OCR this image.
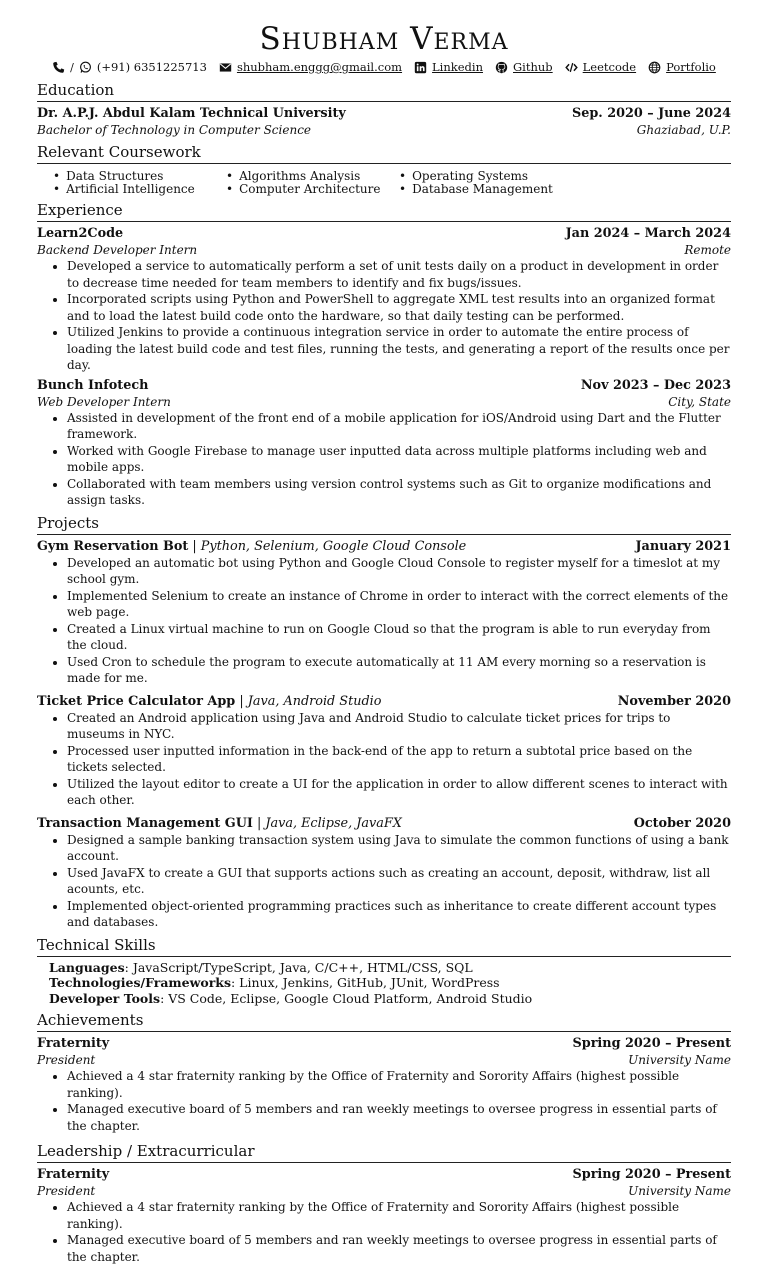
Shubham Verma
/ (+91) 6351225713	shubham.enggg@gmail.com	Linkedin	Github	Leetcode	Portfolio
Education
Dr. A.P.J. Abdul Kalam Technical University	Sep. 2020 – June 2024
Bachelor of Technology in Computer Science	Ghaziabad, U.P.
Relevant Coursework
• Data Structures	• Algorithms Analysis	• Operating Systems
• Artificial Intelligence	• Computer Architecture • Database Management
Experience
Learn2Code	Jan 2024 – March 2024
Backend Developer Intern	Remote
• Developed a service to automatically perform a set of unit tests daily on a product in development in order to decrease time needed for team members to identify and fix bugs/issues.
• Incorporated scripts using Python and PowerShell to aggregate XML test results into an organized format and to load the latest build code onto the hardware, so that daily testing can be performed.
• Utilized Jenkins to provide a continuous integration service in order to automate the entire process of loading the latest build code and test files, running the tests, and generating a report of the results once per day.
Bunch Infotech	Nov 2023 – Dec 2023
Web Developer Intern	City, State
• Assisted in development of the front end of a mobile application for iOS/Android using Dart and the Flutter framework.
• Worked with Google Firebase to manage user inputted data across multiple platforms including web and mobile apps.
• Collaborated with team members using version control systems such as Git to organize modifications and assign tasks.
Projects
Gym Reservation Bot | Python, Selenium, Google Cloud Console	January 2021
• Developed an automatic bot using Python and Google Cloud Console to register myself for a timeslot at my school gym.
• Implemented Selenium to create an instance of Chrome in order to interact with the correct elements of the web page.
• Created a Linux virtual machine to run on Google Cloud so that the program is able to run everyday from the cloud.
• Used Cron to schedule the program to execute automatically at 11 AM every morning so a reservation is made for me.
Ticket Price Calculator App | Java, Android Studio	November 2020
• Created an Android application using Java and Android Studio to calculate ticket prices for trips to museums in NYC.
• Processed user inputted information in the back-end of the app to return a subtotal price based on the tickets selected.
• Utilized the layout editor to create a UI for the application in order to allow different scenes to interact with each other.
Transaction Management GUI | Java, Eclipse, JavaFX	October 2020
• Designed a sample banking transaction system using Java to simulate the common functions of using a bank account.
• Used JavaFX to create a GUI that supports actions such as creating an account, deposit, withdraw, list all acounts, etc.
• Implemented object-oriented programming practices such as inheritance to create different account types and databases.
Technical Skills
Languages: JavaScript/TypeScript, Java, C/C++, HTML/CSS, SQL
Technologies/Frameworks: Linux, Jenkins, GitHub, JUnit, WordPress
Developer Tools: VS Code, Eclipse, Google Cloud Platform, Android Studio
Achievements
Fraternity	Spring 2020 – Present
President	University Name
• Achieved a 4 star fraternity ranking by the Office of Fraternity and Sorority Affairs (highest possible ranking).
• Managed executive board of 5 members and ran weekly meetings to oversee progress in essential parts of the chapter.
Leadership / Extracurricular
Fraternity	Spring 2020 – Present
President	University Name
• Achieved a 4 star fraternity ranking by the Office of Fraternity and Sorority Affairs (highest possible ranking).
• Managed executive board of 5 members and ran weekly meetings to oversee progress in essential parts of the chapter.
